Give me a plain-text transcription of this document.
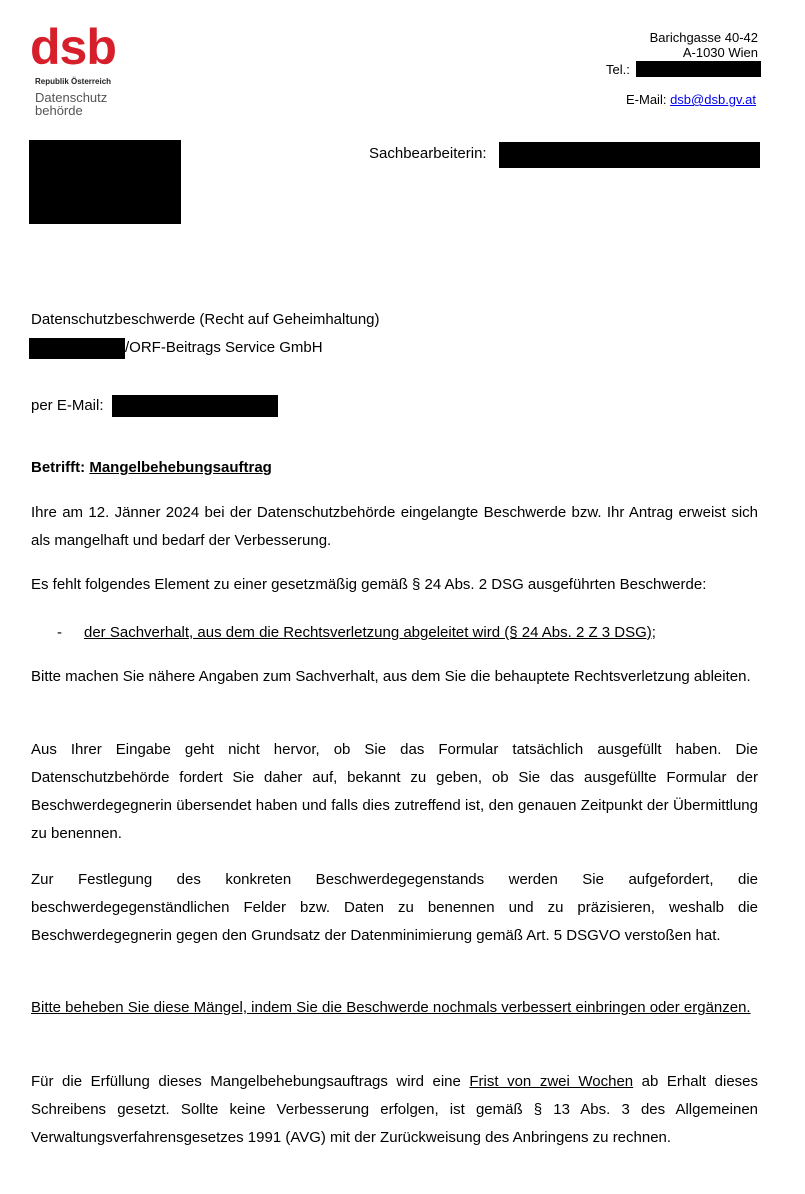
dsb
Republik Österreich
Datenschutz
behörde
Barichgasse 40-42
A-1030 Wien
Tel.:
E-Mail: dsb@dsb.gv.at
Sachbearbeiterin:
Datenschutzbeschwerde (Recht auf Geheimhaltung)
/ORF-Beitrags Service GmbH
per E-Mail:
Betrifft: Mangelbehebungsauftrag

Ihre am 12. Jänner 2024 bei der Datenschutzbehörde eingelangte Beschwerde bzw. Ihr Antrag erweist sich als mangelhaft und bedarf der Verbesserung.

Es fehlt folgendes Element zu einer gesetzmäßig gemäß § 24 Abs. 2 DSG ausgeführten Beschwerde:

- der Sachverhalt, aus dem die Rechtsverletzung abgeleitet wird (§ 24 Abs. 2 Z 3 DSG);

Bitte machen Sie nähere Angaben zum Sachverhalt, aus dem Sie die behauptete Rechtsverletzung ableiten.

Aus Ihrer Eingabe geht nicht hervor, ob Sie das Formular tatsächlich ausgefüllt haben. Die Datenschutzbehörde fordert Sie daher auf, bekannt zu geben, ob Sie das ausgefüllte Formular der Beschwerdegegnerin übersendet haben und falls dies zutreffend ist, den genauen Zeitpunkt der Übermittlung zu benennen.

Zur Festlegung des konkreten Beschwerdegegenstands werden Sie aufgefordert, die beschwerdegegenständlichen Felder bzw. Daten zu benennen und zu präzisieren, weshalb die Beschwerdegegnerin gegen den Grundsatz der Datenminimierung gemäß Art. 5 DSGVO verstoßen hat.

Bitte beheben Sie diese Mängel, indem Sie die Beschwerde nochmals verbessert einbringen oder ergänzen.

Für die Erfüllung dieses Mangelbehebungsauftrags wird eine Frist von zwei Wochen ab Erhalt dieses Schreibens gesetzt. Sollte keine Verbesserung erfolgen, ist gemäß § 13 Abs. 3 des Allgemeinen Verwaltungsverfahrensgesetzes 1991 (AVG) mit der Zurückweisung des Anbringens zu rechnen.
